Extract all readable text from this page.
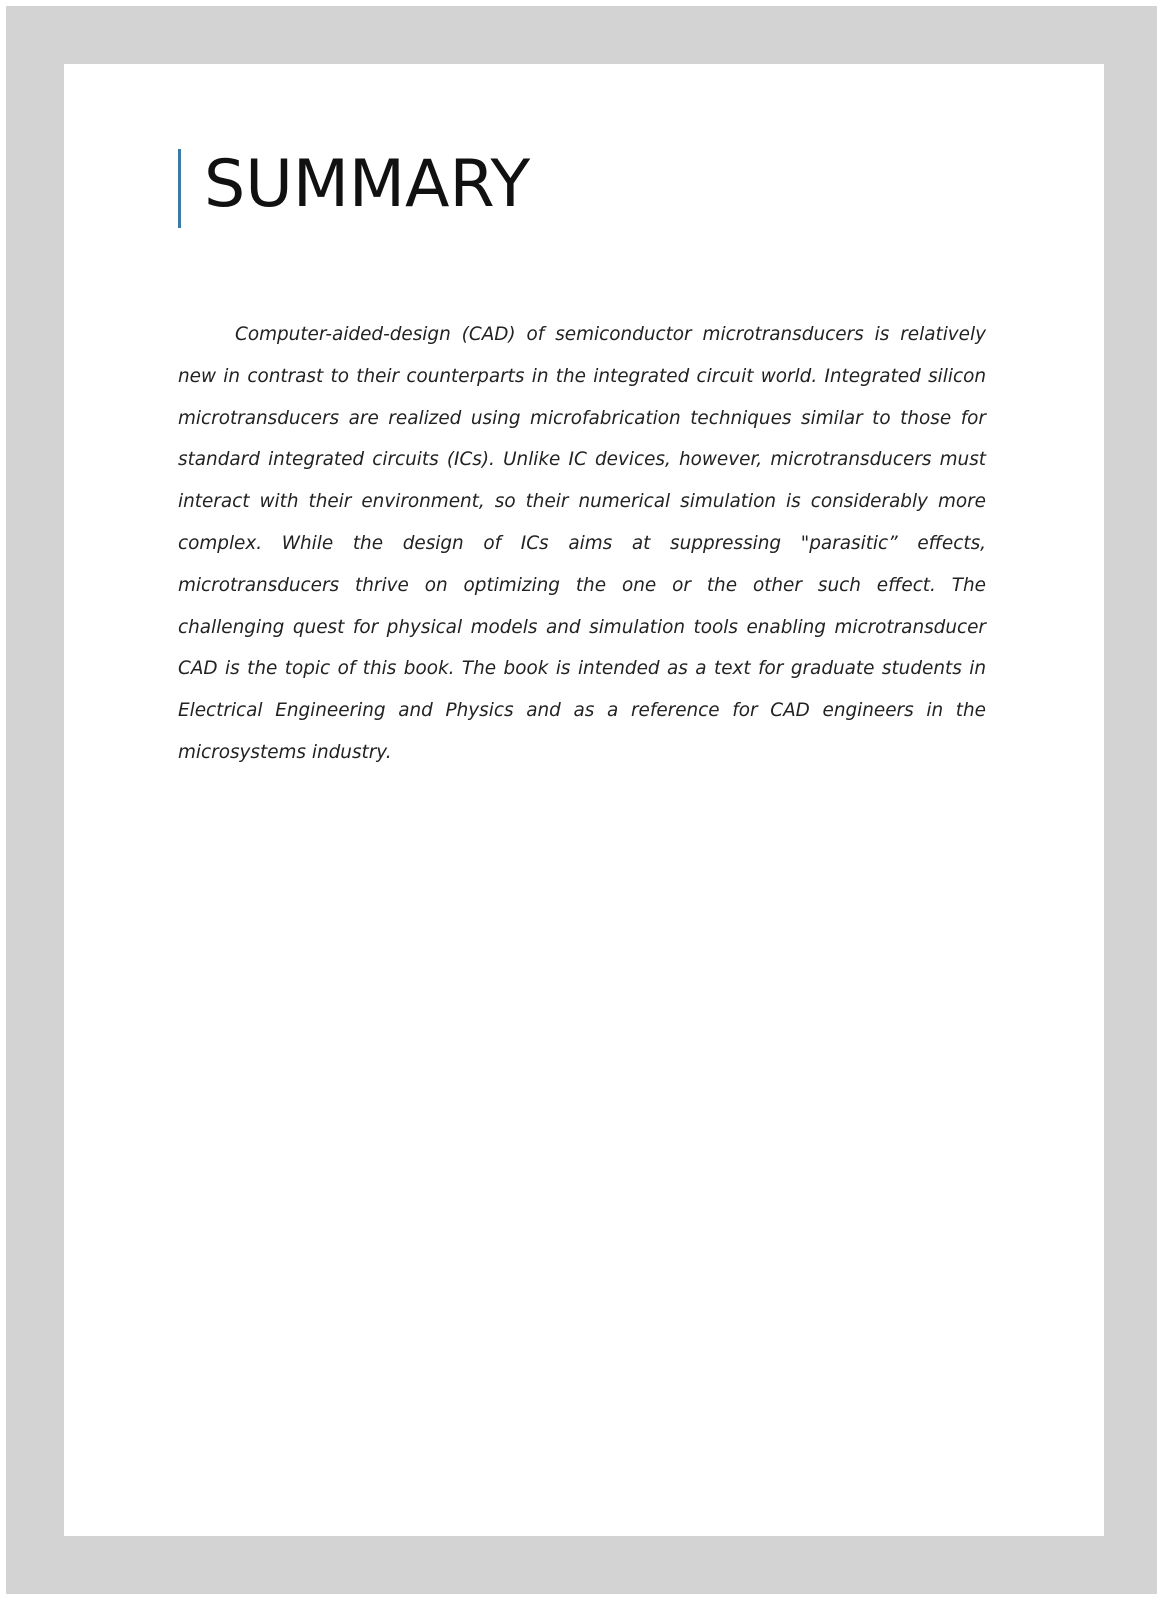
SUMMARY

Computer-aided-design (CAD) of semiconductor microtransducers is relatively new in contrast to their counterparts in the integrated circuit world. Integrated silicon microtransducers are realized using microfabrication techniques similar to those for standard integrated circuits (ICs). Unlike IC devices, however, microtransducers must interact with their environment, so their numerical simulation is considerably more complex. While the design of ICs aims at suppressing "parasitic” effects, microtransducers thrive on optimizing the one or the other such effect. The challenging quest for physical models and simulation tools enabling microtransducer CAD is the topic of this book. The book is intended as a text for graduate students in Electrical Engineering and Physics and as a reference for CAD engineers in the microsystems industry.
